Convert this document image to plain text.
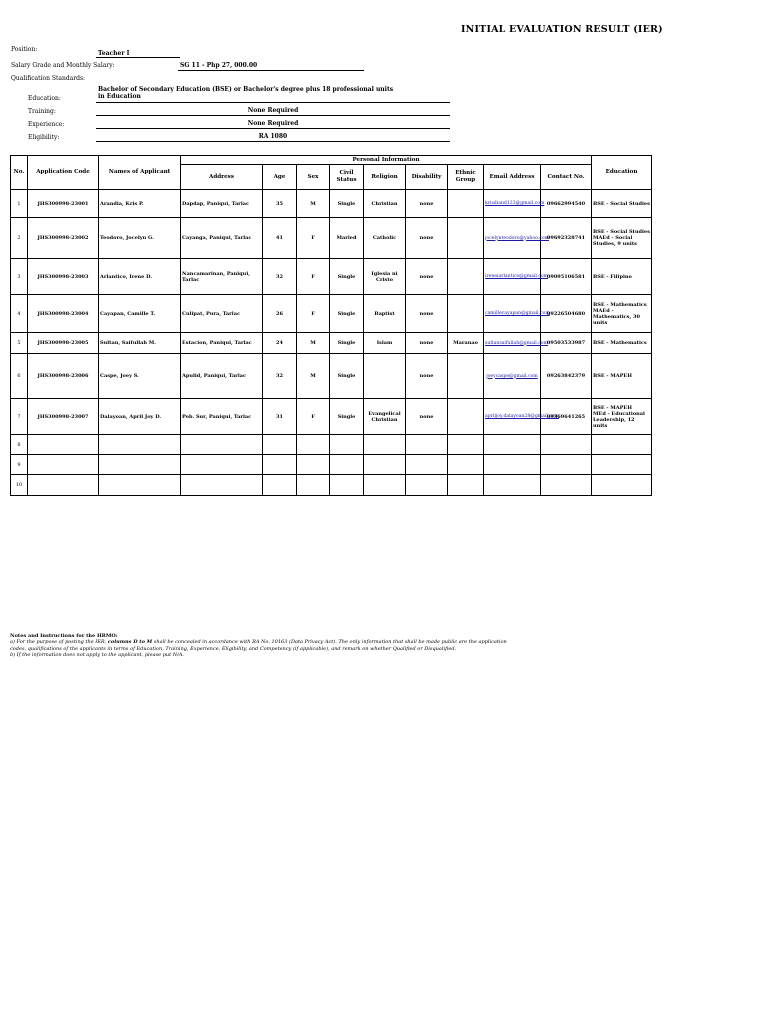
INITIAL EVALUATION RESULT (IER)
Position:
Teacher I
Salary Grade and Monthly Salary:	SG 11 - Php 27, 000.00
Qualification Standards:
Education:
Bachelor of Secondary Education (BSE) or Bachelor's degree plus 18 professional units in Education
Training:	None Required
Experience:	None Required
Eligibility:	RA 1080
No.	Application Code	Names of Applicant	Personal Information									Education
			Address	Age	Sex	Civil Status	Religion	Disability	Ethnic Group	Email Address	Contact No.	
1	JHS300998-23001	Arandia, Kris P.	Dapdap, Paniqui, Tarlac	35	M	Single	Christian	none		krisdiand123@gmail.com	09662994540	BSE - Social Studies

2	JHS300998-23002	Teodoro, Jocelyn G.	Cayanga, Paniqui, Tarlac	41	F	Maried	Catholic	none		jocelynteodoro@yahoo.com	09692328741	BSE - Social Studies
MAEd - Social Studies, 9 units

3	JHS300998-23003	Arlantico, Irene D.	Nancamarinan, Paniqui, Tarlac	32	F	Single	Iglesia ni Cristo	none		ireneiarlantico@gmail.com	09095106581	BSE - Filipino

4	JHS300998-23004	Cayapan, Camille T.	Culipat, Pura, Tarlac	26	F	Single	Baptist	none		camillecayapan@gmail.com	09226504680	BSE - Mathematics
MAEd - Mathematics, 30 units

5	JHS300998-23005	Sultan, Saifullah M.	Estacion, Paniqui, Tarlac	24	M	Single	Islam	none	Maranao	sultansaifullah@gmail.com	09503533987	BSE - Mathematics

6	JHS300998-23006	Caspe, Joey S.	Apulid, Paniqui, Tarlac	32	M	Single		none		joeycaspe@gmail.com	09263842379	BSE - MAPEH

7	JHS300998-23007	Dalayoan, April Joy D.	Pob. Sur, Paniqui, Tarlac	31	F	Single	Evangelical Christian	none		apriljoy.dalayoan28@gmail.com	09369641265	BSE - MAPEH
MEd - Educational Leadership, 12 units

8												
9												
10												
Notes and Instructions for the HRMO:
a) For the purpose of posting the IER, columns D to M shall be concealed in accordance with RA No. 10163 (Data Privacy Act). The only information that shall be made public are the application codes, qualifications of the applicants in terms of Education, Training, Experience, Eligibility, and Competency (if applicable), and remark on whether Qualified or Disqualified.
b) If the information does not apply to the applicant, please put N/A.
